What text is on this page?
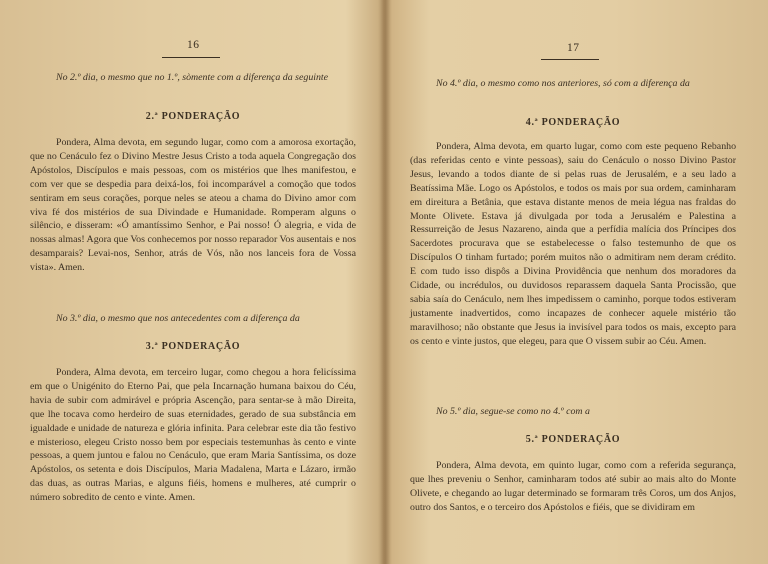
16

No 2.º dia, o mesmo que no 1.º, sòmente com a diferença da seguinte

2.ª PONDERAÇÃO

Pondera, Alma devota, em segundo lugar, como com a amorosa exortação, que no Cenáculo fez o Divino Mestre Jesus Cristo a toda aquela Congregação dos Apóstolos, Discípulos e mais pessoas, com os mistérios que lhes manifestou, e com ver que se despedia para deixá-los, foi incomparável a comoção que todos sentiram em seus corações, porque neles se ateou a chama do Divino amor com viva fé dos mistérios de sua Divindade e Humanidade. Romperam alguns o silêncio, e disseram: «Ó amantíssimo Senhor, e Pai nosso! Ó alegria, e vida de nossas almas! Agora que Vos conhecemos por nosso reparador Vos ausentais e nos desamparais? Levai-nos, Senhor, atrás de Vós, não nos lanceis fora de Vossa vista». Amen.

No 3.º dia, o mesmo que nos antecedentes com a diferença da

3.ª PONDERAÇÃO

Pondera, Alma devota, em terceiro lugar, como chegou a hora felicíssima em que o Unigénito do Eterno Pai, que pela Incarnação humana baixou do Céu, havia de subir com admirável e própria Ascenção, para sentar-se à mão Direita, que lhe tocava como herdeiro de suas eternidades, gerado de sua substância em igualdade e unidade de natureza e glória infinita. Para celebrar este dia tão festivo e misterioso, elegeu Cristo nosso bem por especiais testemunhas às cento e vinte pessoas, a quem juntou e falou no Cenáculo, que eram Maria Santíssima, os doze Apóstolos, os setenta e dois Discípulos, Maria Madalena, Marta e Lázaro, irmão das duas, as outras Marias, e alguns fiéis, homens e mulheres, até cumprir o número sobredito de cento e vinte. Amen.

17

No 4.º dia, o mesmo como nos anteriores, só com a diferença da

4.ª PONDERAÇÃO

Pondera, Alma devota, em quarto lugar, como com este pequeno Rebanho (das referidas cento e vinte pessoas), saiu do Cenáculo o nosso Divino Pastor Jesus, levando a todos diante de si pelas ruas de Jerusalém, e a seu lado a Beatíssima Mãe. Logo os Apóstolos, e todos os mais por sua ordem, caminharam em direitura a Betânia, que estava distante menos de meia légua nas fraldas do Monte Olivete. Estava já divulgada por toda a Jerusalém e Palestina a Ressurreição de Jesus Nazareno, ainda que a perfídia malícia dos Príncipes dos Sacerdotes procurava que se estabelecesse o falso testemunho de que os Discípulos O tinham furtado; porém muitos não o admitiram nem deram crédito. E com tudo isso dispôs a Divina Providência que nenhum dos moradores da Cidade, ou incrédulos, ou duvidosos reparassem daquela Santa Procissão, que sabia saía do Cenáculo, nem lhes impedissem o caminho, porque todos estiveram justamente inadvertidos, como incapazes de conhecer aquele mistério tão maravilhoso; não obstante que Jesus ia invisível para todos os mais, excepto para os cento e vinte justos, que elegeu, para que O vissem subir ao Céu. Amen.

No 5.º dia, segue-se como no 4.º com a

5.ª PONDERAÇÃO

Pondera, Alma devota, em quinto lugar, como com a referida segurança, que lhes preveniu o Senhor, caminharam todos até subir ao mais alto do Monte Olivete, e chegando ao lugar determinado se formaram três Coros, um dos Anjos, outro dos Santos, e o terceiro dos Apóstolos e fiéis, que se dividiram em
